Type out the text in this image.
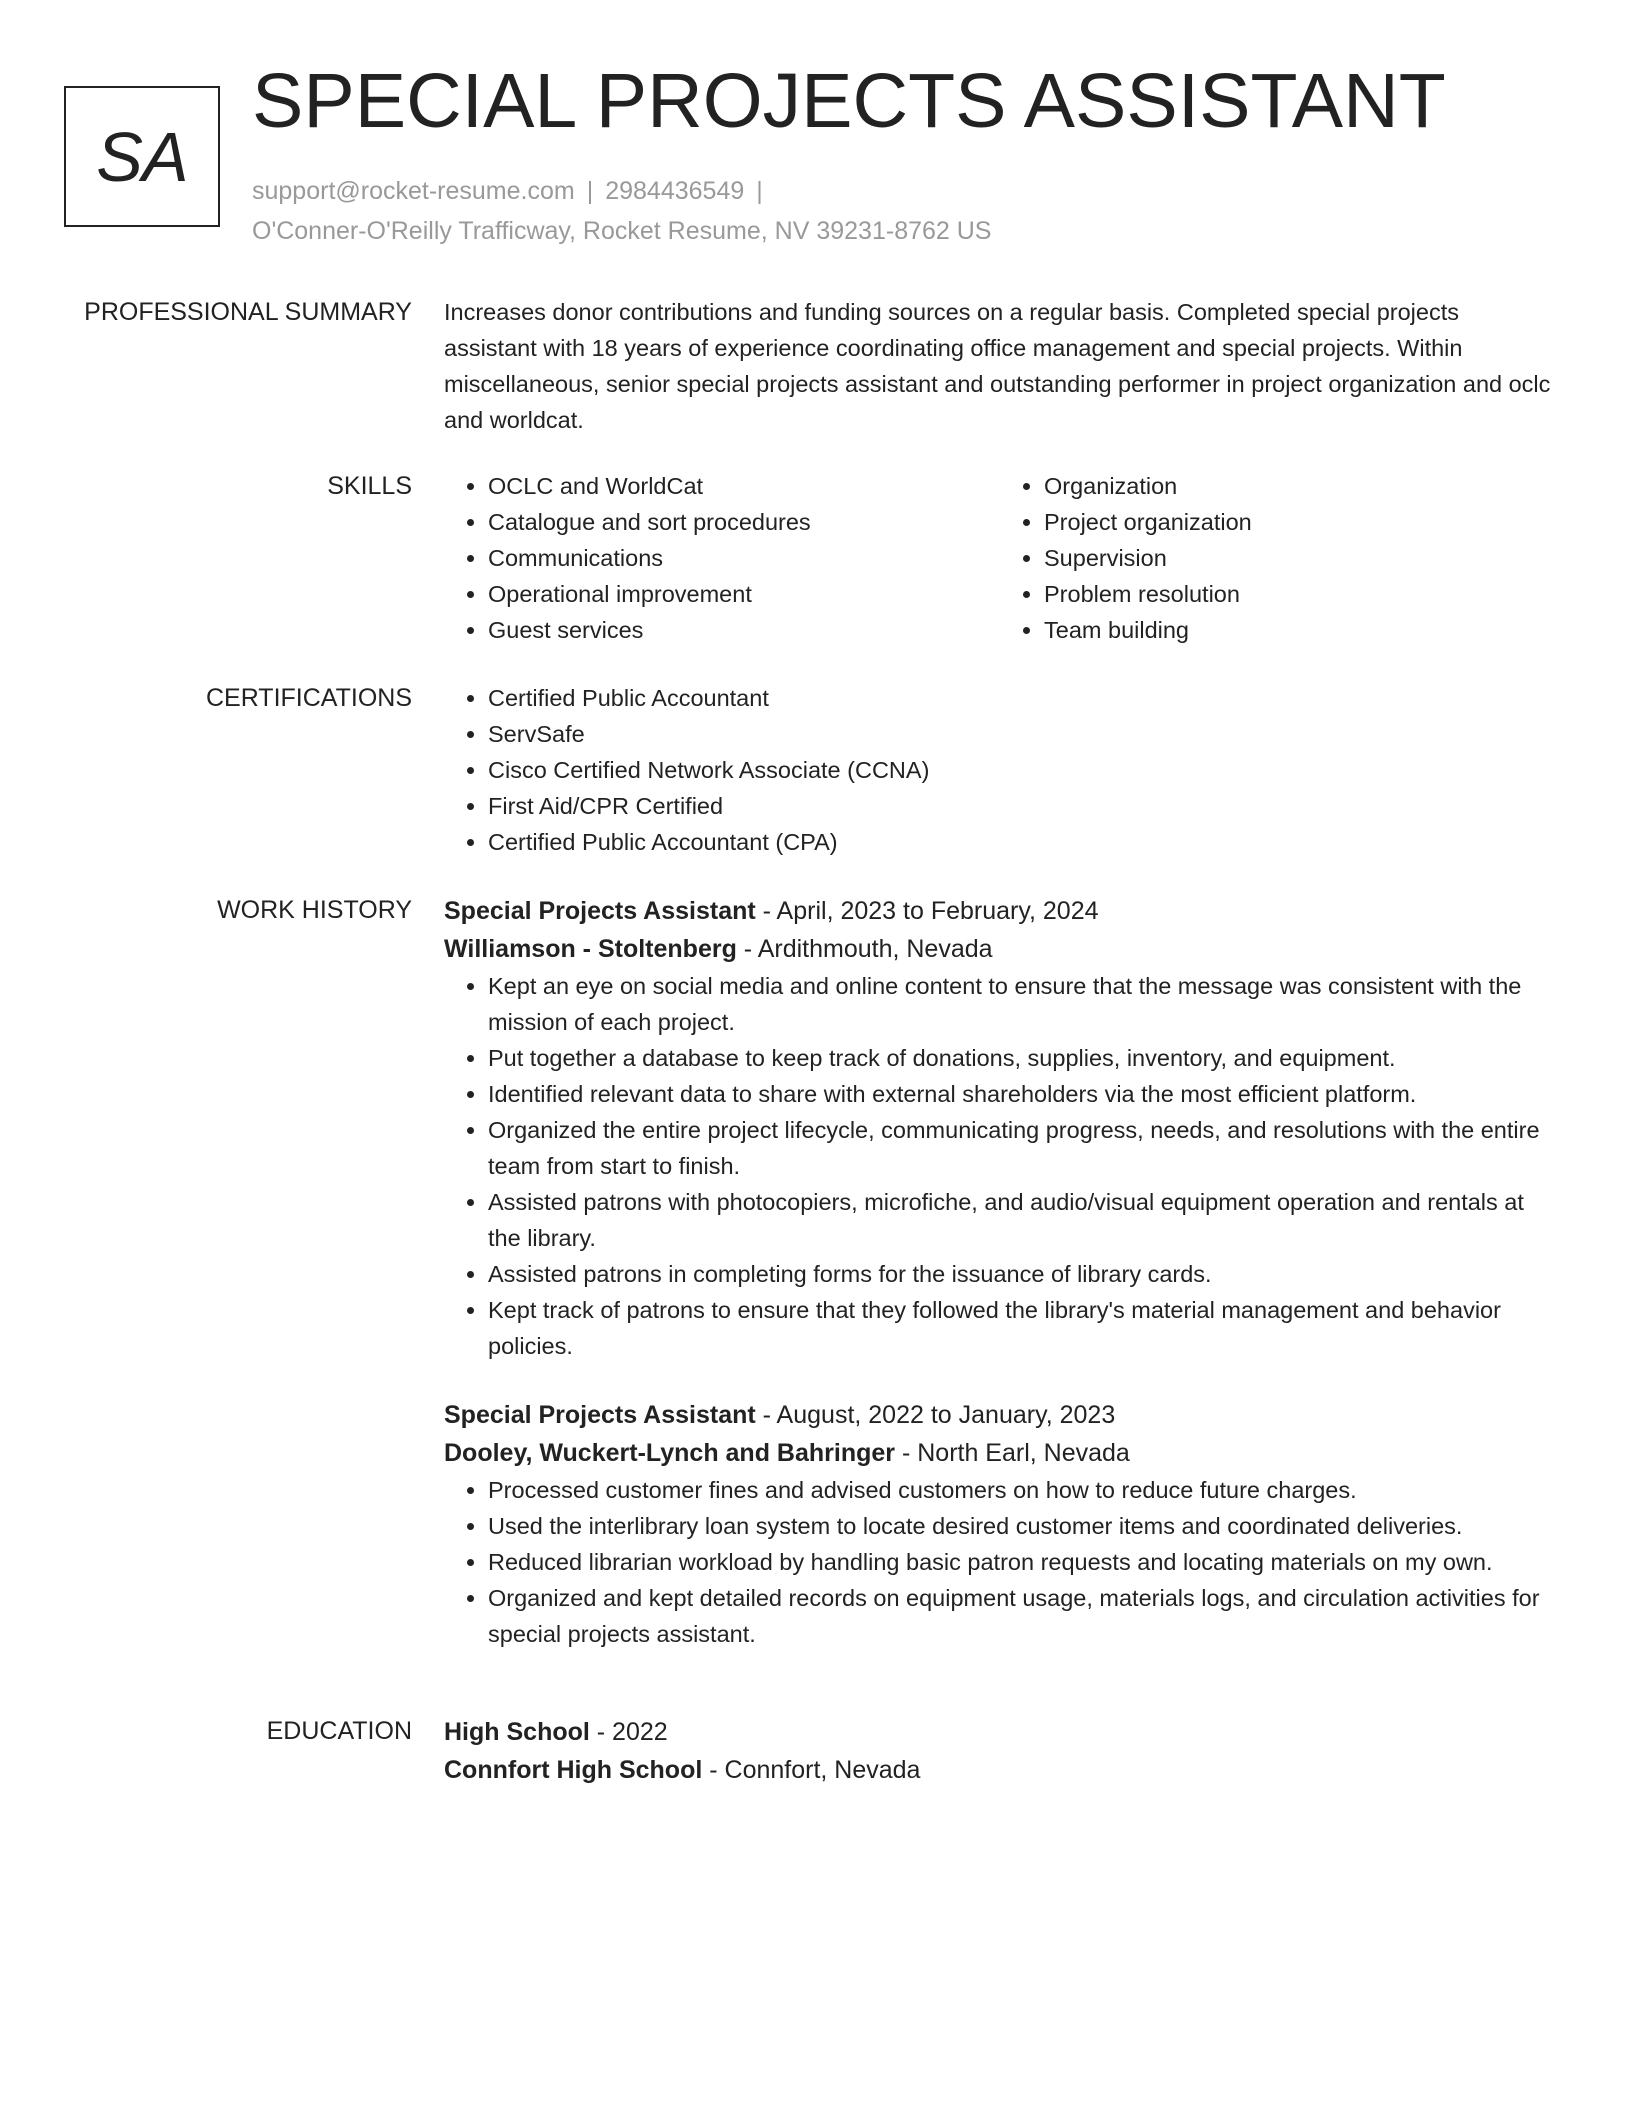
SA
SPECIAL PROJECTS ASSISTANT
support@rocket-resume.com | 2984436549 |
O'Conner-O'Reilly Trafficway, Rocket Resume, NV 39231-8762 US
PROFESSIONAL SUMMARY Increases donor contributions and funding sources on a regular basis. Completed special projects assistant with 18 years of experience coordinating office management and special projects. Within miscellaneous, senior special projects assistant and outstanding performer in project organization and oclc and worldcat.
SKILLS	• OCLC and WorldCat
• Catalogue and sort procedures
• Communications
• Operational improvement
• Guest services
• Organization
• Project organization
• Supervision
• Problem resolution
• Team building
CERTIFICATIONS	• Certified Public Accountant
• ServSafe
• Cisco Certified Network Associate (CCNA)
• First Aid/CPR Certified
• Certified Public Accountant (CPA)
WORK HISTORY Special Projects Assistant - April, 2023 to February, 2024
Williamson - Stoltenberg - Ardithmouth, Nevada
• Kept an eye on social media and online content to ensure that the message was consistent with the mission of each project.
• Put together a database to keep track of donations, supplies, inventory, and equipment.
• Identified relevant data to share with external shareholders via the most efficient platform.
• Organized the entire project lifecycle, communicating progress, needs, and resolutions with the entire team from start to finish.
• Assisted patrons with photocopiers, microfiche, and audio/visual equipment operation and rentals at the library.
• Assisted patrons in completing forms for the issuance of library cards.
• Kept track of patrons to ensure that they followed the library's material management and behavior policies.
Special Projects Assistant - August, 2022 to January, 2023
Dooley, Wuckert-Lynch and Bahringer - North Earl, Nevada
• Processed customer fines and advised customers on how to reduce future charges.
• Used the interlibrary loan system to locate desired customer items and coordinated deliveries.
• Reduced librarian workload by handling basic patron requests and locating materials on my own.
• Organized and kept detailed records on equipment usage, materials logs, and circulation activities for special projects assistant.
EDUCATION High School - 2022
Connfort High School - Connfort, Nevada
